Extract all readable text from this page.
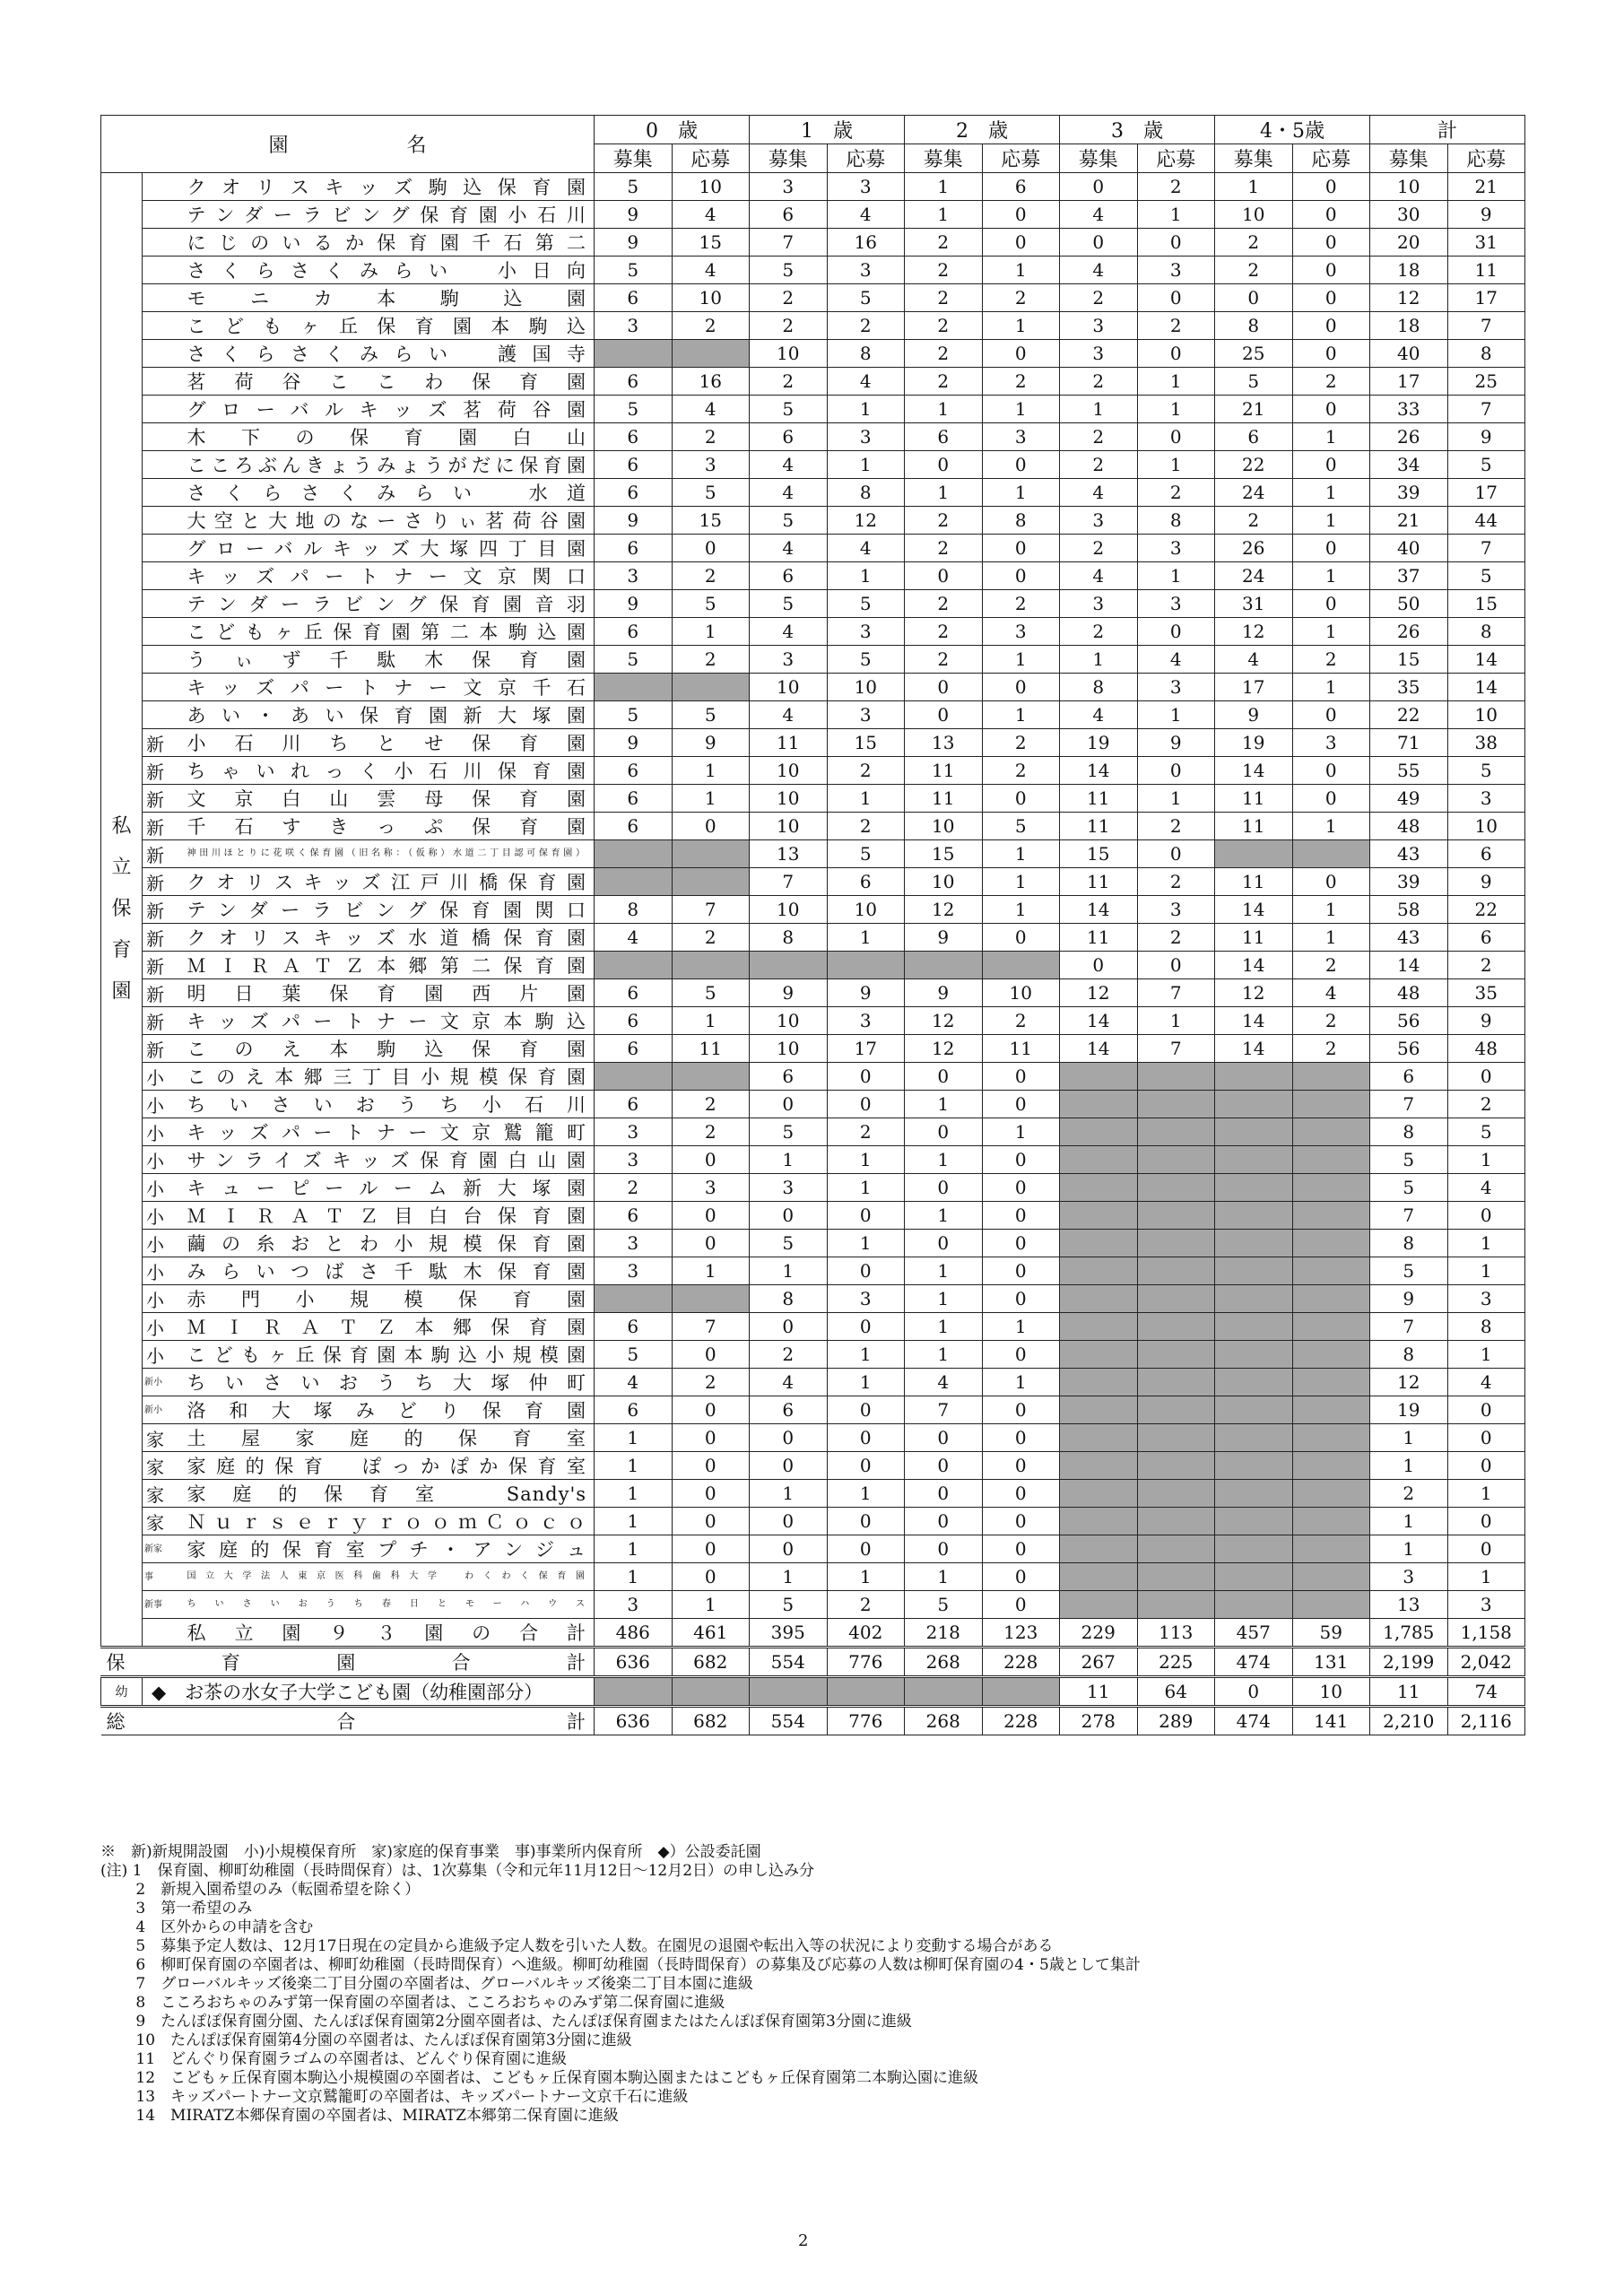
園　　　　　　名			0　歳		1　歳		2　歳		3　歳		4・5歳		計	
			募集	応募	募集	応募	募集	応募	募集	応募	募集	応募	募集	応募

私
立
保
育
園		クオリスキッズ駒込保育園	5	10	3	3	1	6	0	2	1	0	10	21
		テンダーラビング保育園小石川	9	4	6	4	1	0	4	1	10	0	30	9
		にじのいるか保育園千石第二	9	15	7	16	2	0	0	0	2	0	20	31
		さくらさくみらい　小日向	5	4	5	3	2	1	4	3	2	0	18	11
		モニカ本駒込園	6	10	2	5	2	2	2	0	0	0	12	17
		こどもヶ丘保育園本駒込	3	2	2	2	2	1	3	2	8	0	18	7
		さくらさくみらい　護国寺			10	8	2	0	3	0	25	0	40	8
		茗荷谷ここわ保育園	6	16	2	4	2	2	2	1	5	2	17	25
		グローバルキッズ茗荷谷園	5	4	5	1	1	1	1	1	21	0	33	7
		木下の保育園白山	6	2	6	3	6	3	2	0	6	1	26	9
		こころぶんきょうみょうがだに保育園	6	3	4	1	0	0	2	1	22	0	34	5
		さくらさくみらい　水道	6	5	4	8	1	1	4	2	24	1	39	17
		大空と大地のなーさりぃ茗荷谷園	9	15	5	12	2	8	3	8	2	1	21	44
		グローバルキッズ大塚四丁目園	6	0	4	4	2	0	2	3	26	0	40	7
		キッズパートナー文京関口	3	2	6	1	0	0	4	1	24	1	37	5
		テンダーラビング保育園音羽	9	5	5	5	2	2	3	3	31	0	50	15
		こどもヶ丘保育園第二本駒込園	6	1	4	3	2	3	2	0	12	1	26	8
		うぃず千駄木保育園	5	2	3	5	2	1	1	4	4	2	15	14
		キッズパートナー文京千石			10	10	0	0	8	3	17	1	35	14
		あい・あい保育園新大塚園	5	5	4	3	0	1	4	1	9	0	22	10
	新	小石川ちとせ保育園	9	9	11	15	13	2	19	9	19	3	71	38
	新	ちゃいれっく小石川保育園	6	1	10	2	11	2	14	0	14	0	55	5
	新	文京白山雲母保育園	6	1	10	1	11	0	11	1	11	0	49	3
	新	千石すきっぷ保育園	6	0	10	2	10	5	11	2	11	1	48	10
	新	神田川ほとりに花咲く保育園（旧名称：（仮称）水道二丁目認可保育園）			13	5	15	1	15	0			43	6
	新	クオリスキッズ江戸川橋保育園			7	6	10	1	11	2	11	0	39	9
	新	テンダーラビング保育園関口	8	7	10	10	12	1	14	3	14	1	58	22
	新	クオリスキッズ水道橋保育園	4	2	8	1	9	0	11	2	11	1	43	6
	新	ＭＩＲＡＴＺ本郷第二保育園							0	0	14	2	14	2
	新	明日葉保育園西片園	6	5	9	9	9	10	12	7	12	4	48	35
	新	キッズパートナー文京本駒込	6	1	10	3	12	2	14	1	14	2	56	9
	新	このえ本駒込保育園	6	11	10	17	12	11	14	7	14	2	56	48
	小	このえ本郷三丁目小規模保育園			6	0	0	0					6	0
	小	ちいさいおうち小石川	6	2	0	0	1	0					7	2
	小	キッズパートナー文京鷲籠町	3	2	5	2	0	1					8	5
	小	サンライズキッズ保育園白山園	3	0	1	1	1	0					5	1
	小	キューピールーム新大塚園	2	3	3	1	0	0					5	4
	小	ＭＩＲＡＴＺ目白台保育園	6	0	0	0	1	0					7	0
	小	繭の糸おとわ小規模保育園	3	0	5	1	0	0					8	1
	小	みらいつばさ千駄木保育園	3	1	1	0	1	0					5	1
	小	赤門小規模保育園			8	3	1	0					9	3
	小	ＭＩＲＡＴＺ本郷保育園	6	7	0	0	1	1					7	8
	小	こどもヶ丘保育園本駒込小規模園	5	0	2	1	1	0					8	1
	新小	ちいさいおうち大塚仲町	4	2	4	1	4	1					12	4
	新小	洛和大塚みどり保育園	6	0	6	0	7	0					19	0
	家	土屋家庭的保育室	1	0	0	0	0	0					1	0
	家	家庭的保育　ぽっかぽか保育室	1	0	0	0	0	0					1	0
	家	家庭的保育室　Sandy's	1	0	1	1	0	0					2	1
	家	ＮｕｒｓｅｒｙｒｏｏｍＣｏｃｏ	1	0	0	0	0	0					1	0
	新家	家庭的保育室プチ・アンジュ	1	0	0	0	0	0					1	0
	事	国立大学法人東京医科歯科大学　わくわく保育園	1	0	1	1	1	0					3	1
	新事	ちいさいおうち春日とモーハウス	3	1	5	2	5	0					13	3
		私立園９３園の合計	486	461	395	402	218	123	229	113	457	59	1,785	1,158
保育園合計			636	682	554	776	268	228	267	225	474	131	2,199	2,042
幼	◆　お茶の水女子大学こども園（幼稚園部分）								11	64	0	10	11	74
総合計			636	682	554	776	268	228	278	289	474	141	2,210	2,116
※　新)新規開設園　小)小規模保育所　家)家庭的保育事業　事)事業所内保育所　◆）公設委託園
(注) 1　保育園、柳町幼稚園（長時間保育）は、1次募集（令和元年11月12日～12月2日）の申し込み分
　　 2　新規入園希望のみ（転園希望を除く）
　　 3　第一希望のみ
　　 4　区外からの申請を含む
　　 5　募集予定人数は、12月17日現在の定員から進級予定人数を引いた人数。在園児の退園や転出入等の状況により変動する場合がある
　　 6　柳町保育園の卒園者は、柳町幼稚園（長時間保育）へ進級。柳町幼稚園（長時間保育）の募集及び応募の人数は柳町保育園の4・5歳として集計
　　 7　グローバルキッズ後楽二丁目分園の卒園者は、グローバルキッズ後楽二丁目本園に進級
　　 8　こころおちゃのみず第一保育園の卒園者は、こころおちゃのみず第二保育園に進級
　　 9　たんぽぽ保育園分園、たんぽぽ保育園第2分園卒園者は、たんぽぽ保育園またはたんぽぽ保育園第3分園に進級
　　 10　たんぽぽ保育園第4分園の卒園者は、たんぽぽ保育園第3分園に進級
　　 11　どんぐり保育園ラゴムの卒園者は、どんぐり保育園に進級
　　 12　こどもヶ丘保育園本駒込小規模園の卒園者は、こどもヶ丘保育園本駒込園またはこどもヶ丘保育園第二本駒込園に進級
　　 13　キッズパートナー文京鷲籠町の卒園者は、キッズパートナー文京千石に進級
　　 14　MIRATZ本郷保育園の卒園者は、MIRATZ本郷第二保育園に進級
2
